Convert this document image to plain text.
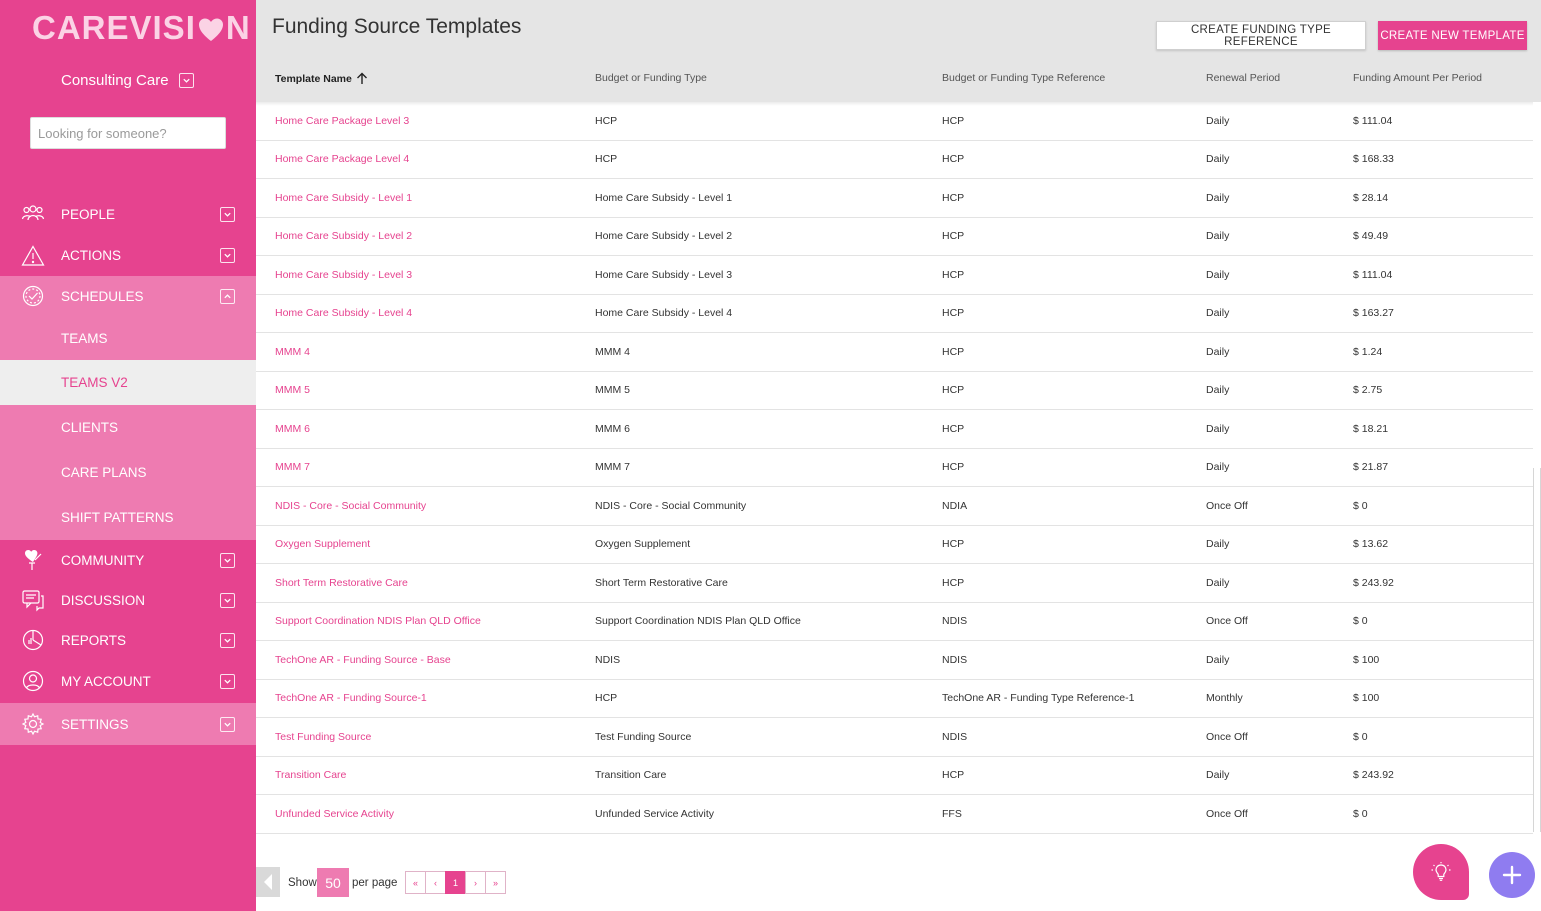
CAREVISI N
Consulting Care
Looking for someone?
PEOPLE
ACTIONS
SCHEDULES
TEAMS
TEAMS V2
CLIENTS
CARE PLANS
SHIFT PATTERNS
COMMUNITY
DISCUSSION
REPORTS
MY ACCOUNT
SETTINGS
Funding Source Templates	CREATE FUNDING TYPE REFERENCE	CREATE NEW TEMPLATE
Template Name	Budget or Funding Type	Budget or Funding Type Reference	Renewal Period	Funding Amount Per Period
Home Care Package Level 3	HCP	HCP	Daily	$ 111.04
Home Care Package Level 4	HCP	HCP	Daily	$ 168.33
Home Care Subsidy - Level 1	Home Care Subsidy - Level 1	HCP	Daily	$ 28.14
Home Care Subsidy - Level 2	Home Care Subsidy - Level 2	HCP	Daily	$ 49.49
Home Care Subsidy - Level 3	Home Care Subsidy - Level 3	HCP	Daily	$ 111.04
Home Care Subsidy - Level 4	Home Care Subsidy - Level 4	HCP	Daily	$ 163.27
MMM 4	MMM 4	HCP	Daily	$ 1.24
MMM 5	MMM 5	HCP	Daily	$ 2.75
MMM 6	MMM 6	HCP	Daily	$ 18.21
MMM 7	MMM 7	HCP	Daily	$ 21.87
NDIS - Core - Social Community	NDIS - Core - Social Community	NDIA	Once Off	$ 0
Oxygen Supplement	Oxygen Supplement	HCP	Daily	$ 13.62
Short Term Restorative Care	Short Term Restorative Care	HCP	Daily	$ 243.92
Support Coordination NDIS Plan QLD Office	Support Coordination NDIS Plan QLD Office	NDIS	Once Off	$ 0
TechOne AR - Funding Source - Base	NDIS	NDIS	Daily	$ 100
TechOne AR - Funding Source-1	HCP	TechOne AR - Funding Type Reference-1	Monthly	$ 100
Test Funding Source	Test Funding Source	NDIS	Once Off	$ 0
Transition Care	Transition Care	HCP	Daily	$ 243.92
Unfunded Service Activity	Unfunded Service Activity	FFS	Once Off	$ 0
Show 50 per page	«	‹	1	›	»
